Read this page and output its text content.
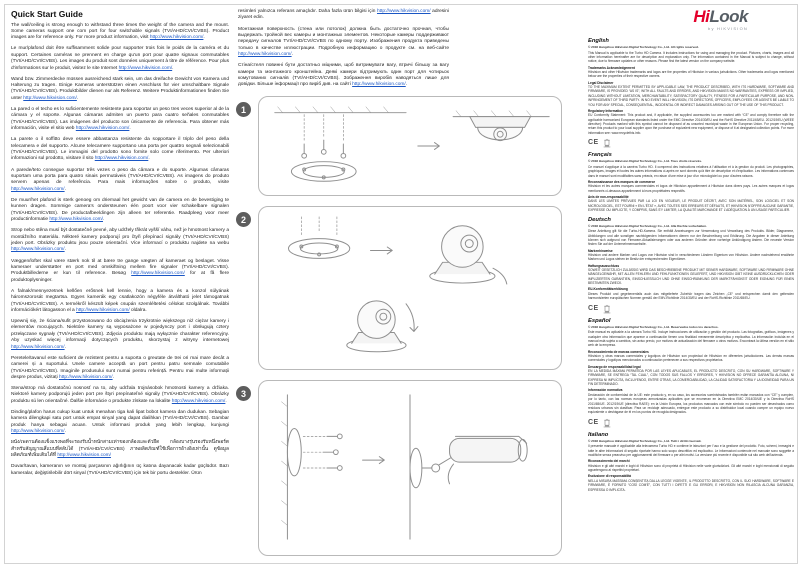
Quick Start Guide

The wall/ceiling is strong enough to withstand three times the weight of the camera and the mount. Some cameras support one com port for four switchable signals (TVI/AHD/CVI/CVBS). Product images are for reference only. For more product information, visit http://www.hikvision.com/.

Le mur/plafond doit être suffisamment solide pour supporter trois fois le poids de la caméra et du support. Certaines caméras ne prennent en charge qu'un port pour quatre signaux commutables (TVI/AHD/CVI/CVBS). Les images du produit sont données uniquement à titre de référence. Pour plus d'informations sur le produit, visitez le site Internet http://www.hikvision.com/.

Wand bzw. Zimmerdecke müssen ausreichend stark sein, um das dreifache Gewicht von Kamera und Halterung zu tragen. Einige Kameras unterstützen einen Anschluss für vier umschaltbare Signale (TVI/AHD/CVI/CVBS). Produktbilder dienen nur als Referenz. Weitere Produktinformationen finden Sie unter http://www.hikvision.com/.

La pared o el techo es lo suficientemente resistente para soportar un peso tres veces superior al de la cámara y el soporte. Algunas cámaras admiten un puerto para cuatro señales conmutables (TVI/AHD/CVI/CVBS). Las imágenes del producto son únicamente de referencia. Para obtener más información, visite el sitio web http://www.hikvision.com/.

La parete o il soffitto deve essere abbastanza resistente da sopportare il triplo del peso della telecamera e del supporto. Alcune telecamere supportano una porta per quattro segnali selezionabili (TVI/AHD/CVI/CVBS). Le immagini del prodotto sono fornite solo come riferimento. Per ulteriori informazioni sul prodotto, visitare il sito http://www.hikvision.com/.

A parede/teto consegue suportar três vezes o peso da câmara e do suporte. Algumas câmaras suportam uma porta para quatro sinais permutáveis (TVI/AHD/CVI/CVBS). As imagens do produto servem apenas de referência. Para mais informações sobre o produto, visite http://www.hikvision.com/.

De muur/het plafond is sterk genoeg om driemaal het gewicht van de camera en de bevestiging te kunnen dragen. Sommige camera's ondersteunen één poort voor vier schakelbare signalen (TVI/AHD/CVI/CVBS). De productafbeeldingen zijn alleen ter referentie. Raadpleeg voor meer productinformatie http://www.hikvision.com/.

Strop nebo stěna musí být dostatečně pevné, aby udržely třikrát vyšší váhu, než je hmotnost kamery a montážního materiálu. Některé kamery podporují pro čtyři přepínací signály (TVI/AHD/CVI/CVBS) jeden port. Obrázky produktu jsou pouze orientační. Více informací o produktu najdete na webu http://www.hikvision.com/.

Væggen/loftet skal være stærk nok til at bære tre gange vægten af kameraet og beslaget. Visse kameraer understøtter en port med omskiftning mellem fire signaler (TVI/AHD/CVI/CVBS). Produktbillederne er kun til reference. Besøg http://www.hikvision.com/ for at få flere produktoplysninger.

A falnak/mennyezetnek kellően erősnek kell lennie, hogy a kamera és a konzol súlyának háromszorosát megtartsa. Egyes kamerák egy csatlakozón négyféle átváltható jelet támogatnak (TVI/AHD/CVI/CVBS). A termékről készült képek csupán szemléltetési célokat szolgálnak. További információkért látogasson el a http://www.hikvision.com/ oldalra.

Upewnij się, że ściana/sufit przystosowano do obciążenia trzykrotnie większego niż ciężar kamery i elementów mocujących. Niektóre kamery są wyposażone w pojedynczy port i obsługują cztery przełączane sygnały (TVI/AHD/CVI/CVBS). Zdjęcia produktu mają wyłącznie charakter referencyjny. Aby uzyskać więcej informacji dotyczących produktu, skorzystaj z witryny internetowej http://www.hikvision.com/.

Peretele/tavanul este suficient de rezistent pentru a suporta o greutate de trei ori mai mare decât a camerei și a suportului. Unele camere acceptă un port pentru patru semnale comutabile (TVI/AHD/CVI/CVBS). Imaginile produsului sunt numai pentru referință. Pentru mai multe informații despre produs, vizitați http://www.hikvision.com/.

Stena/strop má dostatočnú nosnosť na to, aby udržala trojnásobok hmotnosti kamery a držiaka. Niektoré kamery podporujú jeden port pre štyri prepínateľné signály (TVI/AHD/CVI/CVBS). Obrázky produktu sú len orientačné. Ďalšie informácie o produkte získate na lokalite http://www.hikvision.com/.

Dinding/plafon harus cukup kuat untuk menahan tiga kali lipat bobot kamera dan dudukan. Sebagian kamera dilengkapi satu port untuk empat sinyal yang dapat dialihkan (TVI/AHD/CVI/CVBS). Gambar produk hanya sebagai acuan. Untuk informasi produk yang lebih lengkap, kunjungi http://www.hikvision.com/.

ผนัง/เพดานต้องแข็งแรงพอที่จะรองรับน้ำหนักสามเท่าของกล้องและตัวยึด กล้องบางรุ่นรองรับหนึ่งพอร์ตสำหรับสัญญาณสี่แบบที่สลับได้ (TVI/AHD/CVI/CVBS) ภาพผลิตภัณฑ์ใช้เพื่อการอ้างอิงเท่านั้น ดูข้อมูลผลิตภัณฑ์เพิ่มเติมได้ที่ http://www.hikvision.com/

Duvar/tavan, kameranın ve montaj parçasının ağırlığının üç katına dayanacak kadar güçlüdür. Bazı kameralar, değiştirilebilir dört sinyal (TVI/AHD/CVI/CVBS) için tek bir portu destekler. Ürün

resimleri yalnızca referans amaçlıdır. Daha fazla ürün bilgisi için http://www.hikvision.com/ adresini ziyaret edin.

Монтажная поверхность (стена или потолок) должна быть достаточно прочная, чтобы выдержать тройной вес камеры и монтажных элементов. Некоторые камеры поддерживают передачу сигналов TVI/AHD/CVI/CVBS по одному порту. Изображения продукта приведены только в качестве иллюстрации. Подробную информацию о продукте см. на веб-сайте http://www.hikvision.com/.

Стіна/стеля повинні бути достатньо міцними, щоб витримувати вагу, втричі більшу за вагу камери та монтажного кронштейна. Деякі камери підтримують один порт для чотирьох комутованих сигналів (TVI/AHD/CVI/CVBS). Зображення виробів наводяться лише для довідки. Більше інформації про виріб див. на сайті http://www.hikvision.com/.

1
2
3
HiLook
by HIKVISION
English

© 2018 Hangzhou Hikvision Digital Technology Co., Ltd. All rights reserved.

This Manual is applicable to the Turbo HD Camera. It includes instructions for using and managing the product. Pictures, charts, images and all other information hereinafter are for description and explanation only. The information contained in the Manual is subject to change, without notice, due to firmware updates or other reasons. Please find the latest version on the company website.

Trademarks Acknowledgement
Hikvision and other Hikvision trademarks and logos are the properties of Hikvision in various jurisdictions. Other trademarks and logos mentioned below are the properties of their respective owners.

Legal Disclaimer
TO THE MAXIMUM EXTENT PERMITTED BY APPLICABLE LAW, THE PRODUCT DESCRIBED, WITH ITS HARDWARE, SOFTWARE AND FIRMWARE, IS PROVIDED “AS IS”, WITH ALL FAULTS AND ERRORS, AND HIKVISION MAKES NO WARRANTIES, EXPRESS OR IMPLIED, INCLUDING WITHOUT LIMITATION, MERCHANTABILITY, SATISFACTORY QUALITY, FITNESS FOR A PARTICULAR PURPOSE, AND NON-INFRINGEMENT OF THIRD PARTY. IN NO EVENT WILL HIKVISION, ITS DIRECTORS, OFFICERS, EMPLOYEES OR AGENTS BE LIABLE TO YOU FOR ANY SPECIAL, CONSEQUENTIAL, INCIDENTAL OR INDIRECT DAMAGES ARISING OUT OF THE USE OF THIS PRODUCT.

Regulatory Information
EU Conformity Statement: This product and, if applicable, the supplied accessories too are marked with “CE” and comply therefore with the applicable harmonized European standards listed under the EMC Directive 2014/30/EU and the RoHS Directive 2011/65/EU. 2012/19/EU (WEEE directive): Products marked with this symbol cannot be disposed of as unsorted municipal waste in the European Union. For proper recycling, return this product to your local supplier upon the purchase of equivalent new equipment, or dispose of it at designated collection points. For more information see: www.recyclethis.info.

CE
Français

© 2018 Hangzhou Hikvision Digital Technology Co., Ltd. Tous droits réservés.

Ce manuel s'applique à la caméra Turbo HD. Il comprend des instructions relatives à l'utilisation et à la gestion du produit. Les photographies, graphiques, images et toutes les autres informations ci-après ne sont donnés qu'à titre de description et d'explication. Les informations contenues dans le manuel sont modifiables sans préavis, en raison d'une mise à jour d'un micrologiciel ou pour d'autres raisons.

Reconnaissance des marques de commerce
Hikvision et les autres marques commerciales et logos de Hikvision appartiennent à Hikvision dans divers pays. Les autres marques et logos mentionnés ci-dessous appartiennent à leurs propriétaires respectifs.

Avis de non-responsabilité
DANS LES LIMITES PRÉVUES PAR LA LOI EN VIGUEUR, LE PRODUIT DÉCRIT, AVEC SON MATÉRIEL, SON LOGICIEL ET SON MICROLOGICIEL, EST FOURNI « EN L'ÉTAT », AVEC TOUTES SES ERREURS ET DÉFAUTS, ET HIKVISION N'OFFRE AUCUNE GARANTIE, EXPRESSE OU IMPLICITE, Y COMPRIS, SANS S'Y LIMITER, LA QUALITÉ MARCHANDE ET L'ADÉQUATION À UN USAGE PARTICULIER.

Deutsch

© 2018 Hangzhou Hikvision Digital Technology Co., Ltd. Alle Rechte vorbehalten.

Diese Anleitung gilt für die Turbo-HD-Kamera. Sie enthält Anweisungen zur Verwendung und Verwaltung des Produkts. Bilder, Diagramme, Abbildungen und alle sonstigen nachfolgenden Informationen dienen nur der Beschreibung und Erklärung. Die Angaben in dieser Anleitung können sich aufgrund von Firmware-Aktualisierungen oder aus anderen Gründen ohne vorherige Ankündigung ändern. Die neueste Version finden Sie auf der Unternehmenswebsite.

Markenhinweise
Hikvision und andere Marken und Logos von Hikvision sind in verschiedenen Ländern Eigentum von Hikvision. Andere nachstehend erwähnte Marken und Logos stehen im Besitz der entsprechenden Eigentümer.

Haftungsausschluss
SOWEIT GESETZLICH ZULÄSSIG WIRD DAS BESCHRIEBENE PRODUKT MIT SEINER HARDWARE, SOFTWARE UND FIRMWARE OHNE MÄNGELGEWÄHR, MIT ALLEN FEHLERN UND FEHLFUNKTIONEN GELIEFERT, UND HIKVISION GIBT KEINE AUSDRÜCKLICHEN ODER IMPLIZIERTEN GARANTIEN, EINSCHLIESSLICH UND OHNE EINSCHRÄNKUNG DER MARKTFÄHIGKEIT ODER EIGNUNG FÜR EINEN BESTIMMTEN ZWECK.

EU-Konformitätserklärung
Dieses Produkt und gegebenenfalls auch das mitgelieferte Zubehör tragen das Zeichen „CE“ und entsprechen damit den geltenden harmonisierten europäischen Normen gemäß der EMV-Richtlinie 2014/30/EU und der RoHS-Richtlinie 2011/65/EU.

CE
Español

© 2018 Hangzhou Hikvision Digital Technology Co., Ltd. Reservados todos los derechos.

Este manual es aplicable a la cámara Turbo HD. Incluye instrucciones de utilización y gestión del producto. Las fotografías, gráficos, imágenes y cualquier otra información que aparece a continuación tienen una finalidad meramente descriptiva y explicativa. La información incluida en el manual está sujeta a cambios, sin aviso previo, por motivos de actualización del firmware u otros motivos. Encontrará la última versión en el sitio web de la empresa.

Reconocimiento de marcas comerciales
Hikvision y otras marcas comerciales y logotipos de Hikvision son propiedad de Hikvision en diferentes jurisdicciones. Las demás marcas comerciales y logotipos mencionados a continuación pertenecen a sus respectivos propietarios.

Descargo de responsabilidad legal
EN LA MEDIDA MÁXIMA PERMITIDA POR LAS LEYES APLICABLES, EL PRODUCTO DESCRITO, CON SU HARDWARE, SOFTWARE Y FIRMWARE, SE ENTREGA “TAL CUAL”, CON TODOS SUS FALLOS Y ERRORES, Y HIKVISION NO OFRECE GARANTÍA ALGUNA, NI EXPRESA NI IMPLÍCITA, INCLUYENDO, ENTRE OTRAS, LA COMERCIABILIDAD, LA CALIDAD SATISFACTORIA Y LA IDONEIDAD PARA UN FIN DETERMINADO.

Información normativa
Declaración de conformidad de la UE: este producto y, en su caso, los accesorios suministrados también están marcados con “CE” y cumplen, por lo tanto, con las normas europeas armonizadas aplicables que se enumeran en la Directiva EMC 2014/30/UE y la Directiva RoHS 2011/65/UE. 2012/19/UE (directiva RAEE): en la Unión Europea, los productos marcados con este símbolo no pueden ser desechados como residuos urbanos sin clasificar. Para un reciclaje adecuado, entregue este producto a su distribuidor local cuando compre un equipo nuevo equivalente o deshágase de él en los puntos de recogida designados.

CE
Italiano

© 2018 Hangzhou Hikvision Digital Technology Co., Ltd. Tutti i diritti riservati.

Il presente manuale è applicabile alla telecamera Turbo HD e contiene le istruzioni per l'uso e la gestione del prodotto. Foto, schemi, immagini e tutte le altre informazioni di seguito riportate hanno solo scopo descrittivo ed esplicativo. Le informazioni contenute nel manuale sono soggette a modifiche senza preavviso per aggiornamenti del firmware o per altri motivi. La versione più recente è disponibile sul sito web dell'azienda.

Riconoscimento dei marchi
Hikvision e gli altri marchi e loghi di Hikvision sono di proprietà di Hikvision nelle varie giurisdizioni. Gli altri marchi e loghi menzionati di seguito appartengono ai rispettivi proprietari.

Esclusione di responsabilità
NELLA MISURA MASSIMA CONSENTITA DALLA LEGGE VIGENTE, IL PRODOTTO DESCRITTO, CON IL SUO HARDWARE, SOFTWARE E FIRMWARE, È FORNITO “COSÌ COM'È”, CON TUTTI I DIFETTI E GLI ERRORI, E HIKVISION NON RILASCIA ALCUNA GARANZIA, ESPRESSA O IMPLICITA.
